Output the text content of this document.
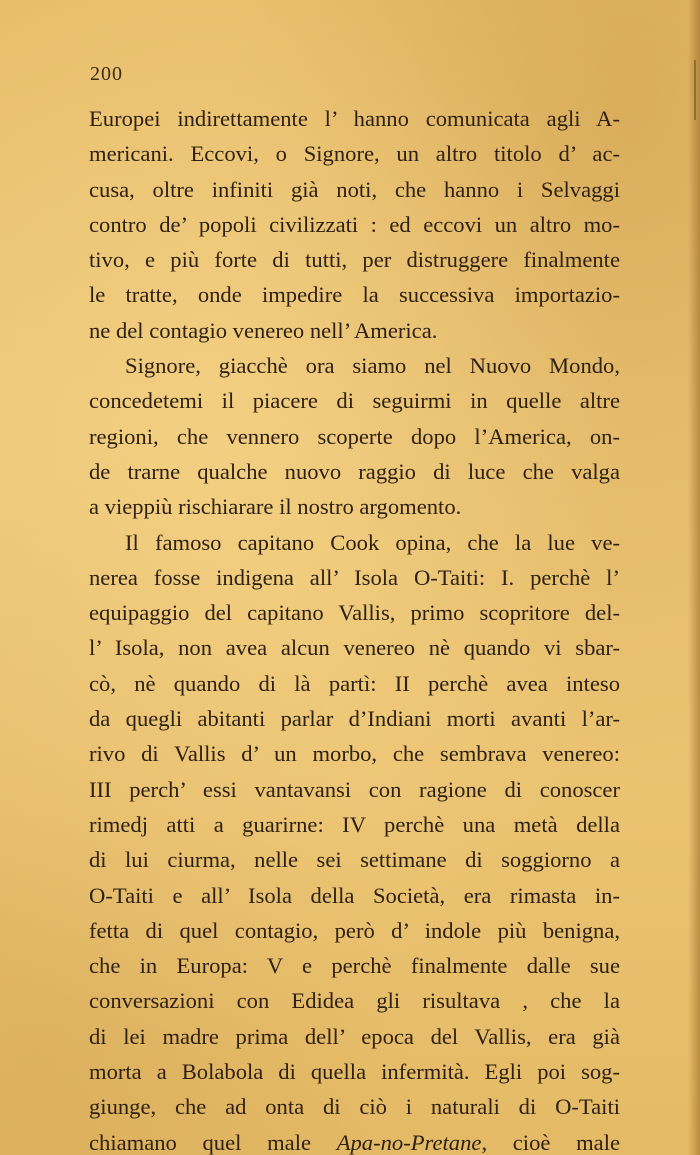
200
Europei indirettamente l’ hanno comunicata agli A-
mericani. Eccovi, o Signore, un altro titolo d’ ac-
cusa, oltre infiniti già noti, che hanno i Selvaggi
contro de’ popoli civilizzati : ed eccovi un altro mo-
tivo, e più forte di tutti, per distruggere finalmente
le tratte, onde impedire la successiva importazio-
ne del contagio venereo nell’ America.
Signore, giacchè ora siamo nel Nuovo Mondo,
concedetemi il piacere di seguirmi in quelle altre
regioni, che vennero scoperte dopo l’America, on-
de trarne qualche nuovo raggio di luce che valga
a vieppiù rischiarare il nostro argomento.
Il famoso capitano Cook opina, che la lue ve-
nerea fosse indigena all’ Isola O-Taiti: I. perchè l’
equipaggio del capitano Vallis, primo scopritore del-
l’ Isola, non avea alcun venereo nè quando vi sbar-
cò, nè quando di là partì: II perchè avea inteso
da quegli abitanti parlar d’Indiani morti avanti l’ar-
rivo di Vallis d’ un morbo, che sembrava venereo:
III perch’ essi vantavansi con ragione di conoscer
rimedj atti a guarirne: IV perchè una metà della
di lui ciurma, nelle sei settimane di soggiorno a
O-Taiti e all’ Isola della Società, era rimasta in-
fetta di quel contagio, però d’ indole più benigna,
che in Europa: V e perchè finalmente dalle sue
conversazioni con Edidea gli risultava , che la
di lei madre prima dell’ epoca del Vallis, era già
morta a Bolabola di quella infermità. Egli poi sog-
giunge, che ad onta di ciò i naturali di O-Taiti
chiamano quel male Apa-no-Pretane, cioè male
